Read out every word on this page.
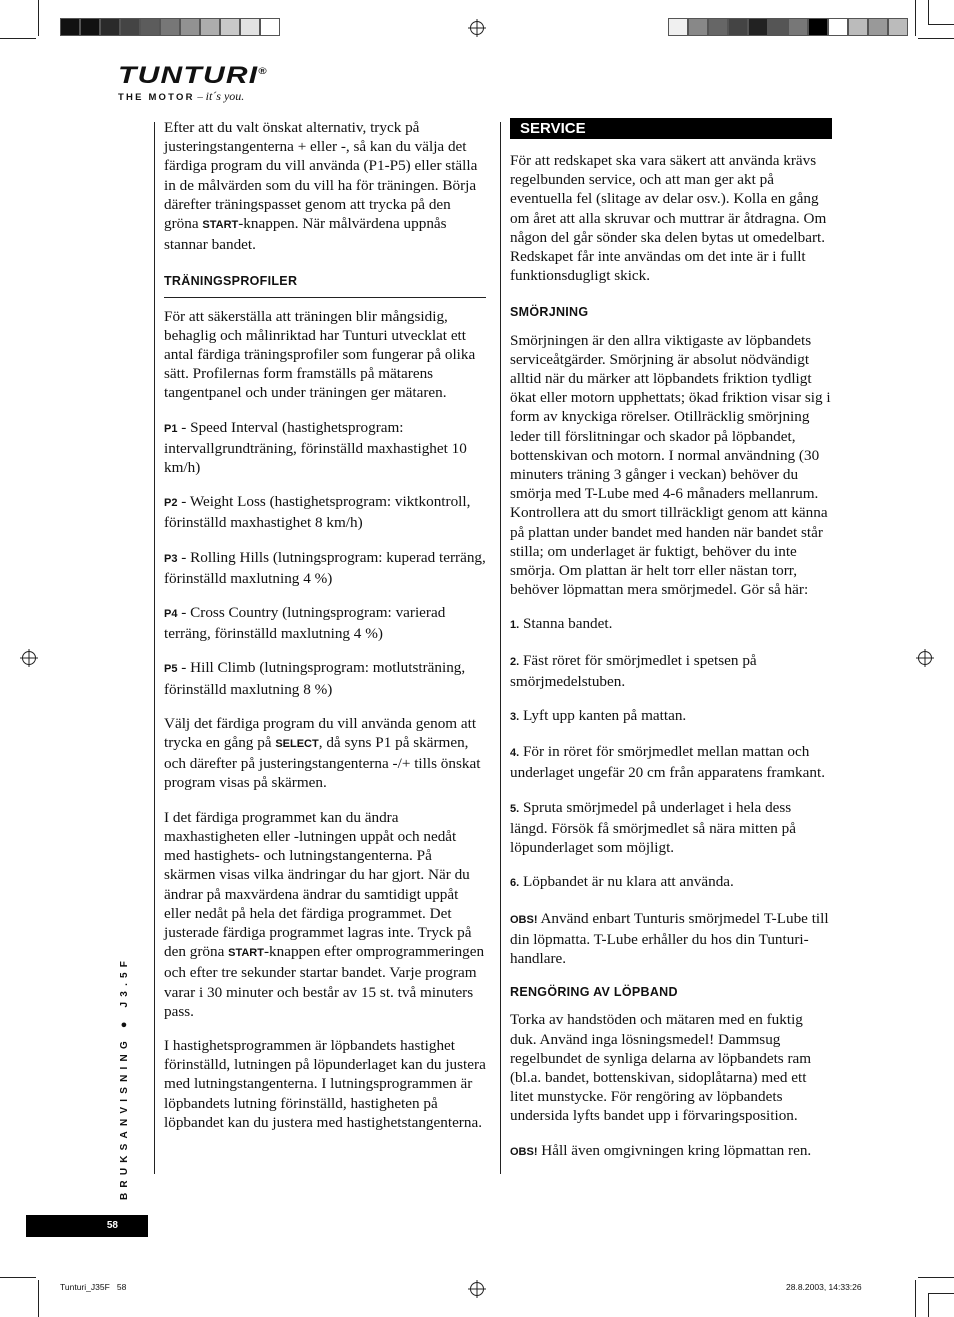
TUNTURI®
THE MOTOR – it´s you.

Efter att du valt önskat alternativ, tryck på justeringstangenterna + eller -, så kan du välja det färdiga program du vill använda (P1-P5) eller ställa in de målvärden som du vill ha för träningen. Börja därefter träningspasset genom att trycka på den gröna START-knappen. När målvärdena uppnås stannar bandet.

TRÄNINGSPROFILER

För att säkerställa att träningen blir mångsidig, behaglig och målinriktad har Tunturi utvecklat ett antal färdiga träningsprofiler som fungerar på olika sätt. Profilernas form framställs på mätarens tangentpanel och under träningen ger mätaren.

P1 - Speed Interval (hastighetsprogram: intervallgrundträning, förinställd maxhastighet 10 km/h)

P2 - Weight Loss (hastighetsprogram: viktkontroll, förinställd maxhastighet 8 km/h)

P3 - Rolling Hills (lutningsprogram: kuperad terräng, förinställd maxlutning 4 %)

P4 - Cross Country (lutningsprogram: varierad terräng, förinställd maxlutning 4 %)

P5 - Hill Climb (lutningsprogram: motlutsträning, förinställd maxlutning 8 %)

Välj det färdiga program du vill använda genom att trycka en gång på SELECT, då syns P1 på skärmen, och därefter på justeringstangenterna -/+ tills önskat program visas på skärmen.

I det färdiga programmet kan du ändra maxhastigheten eller -lutningen uppåt och nedåt med hastighets- och lutningstangenterna. På skärmen visas vilka ändringar du har gjort. När du ändrar på maxvärdena ändrar du samtidigt uppåt eller nedåt på hela det färdiga programmet. Det justerade färdiga programmet lagras inte. Tryck på den gröna START-knappen efter omprogrammeringen och efter tre sekunder startar bandet. Varje program varar i 30 minuter och består av 15 st. två minuters pass.

I hastighetsprogrammen är löpbandets hastighet förinställd, lutningen på löpunderlaget kan du justera med lutningstangenterna. I lutningsprogrammen är löpbandets lutning förinställd, hastigheten på löpbandet kan du justera med hastighetstangenterna.

SERVICE

För att redskapet ska vara säkert att använda krävs regelbunden service, och att man ger akt på eventuella fel (slitage av delar osv.). Kolla en gång om året att alla skruvar och muttrar är åtdragna. Om någon del går sönder ska delen bytas ut omedelbart. Redskapet får inte användas om det inte är i fullt funktionsdugligt skick.

SMÖRJNING

Smörjningen är den allra viktigaste av löpbandets serviceåtgärder. Smörjning är absolut nödvändigt alltid när du märker att löpbandets friktion tydligt ökat eller motorn upphettats; ökad friktion visar sig i form av knyckiga rörelser. Otillräcklig smörjning leder till förslitningar och skador på löpbandet, bottenskivan och motorn. I normal användning (30 minuters träning 3 gånger i veckan) behöver du smörja med T-Lube med 4-6 månaders mellanrum. Kontrollera att du smort tillräckligt genom att känna på plattan under bandet med handen när bandet står stilla; om underlaget är fuktigt, behöver du inte smörja. Om plattan är helt torr eller nästan torr, behöver löpmattan mera smörjmedel. Gör så här:

1. Stanna bandet.

2. Fäst röret för smörjmedlet i spetsen på smörjmedelstuben.

3. Lyft upp kanten på mattan.

4. För in röret för smörjmedlet mellan mattan och underlaget ungefär 20 cm från apparatens framkant.

5. Spruta smörjmedel på underlaget i hela dess längd. Försök få smörjmedlet så nära mitten på löpunderlaget som möjligt.

6. Löpbandet är nu klara att använda.

OBS! Använd enbart Tunturis smörjmedel T-Lube till din löpmatta. T-Lube erhåller du hos din Tunturi-handlare.

RENGÖRING AV LÖPBAND

Torka av handstöden och mätaren med en fuktig duk. Använd inga lösningsmedel! Dammsug regelbundet de synliga delarna av löpbandets ram (bl.a. bandet, bottenskivan, sidoplåtarna) med ett litet munstycke. För rengöring av löpbandets undersida lyfts bandet upp i förvaringsposition.

OBS! Håll även omgivningen kring löpmattan ren.

BRUKSANVISNING ● J3.5F
58
Tunturi_J35F   58	28.8.2003, 14:33:26
